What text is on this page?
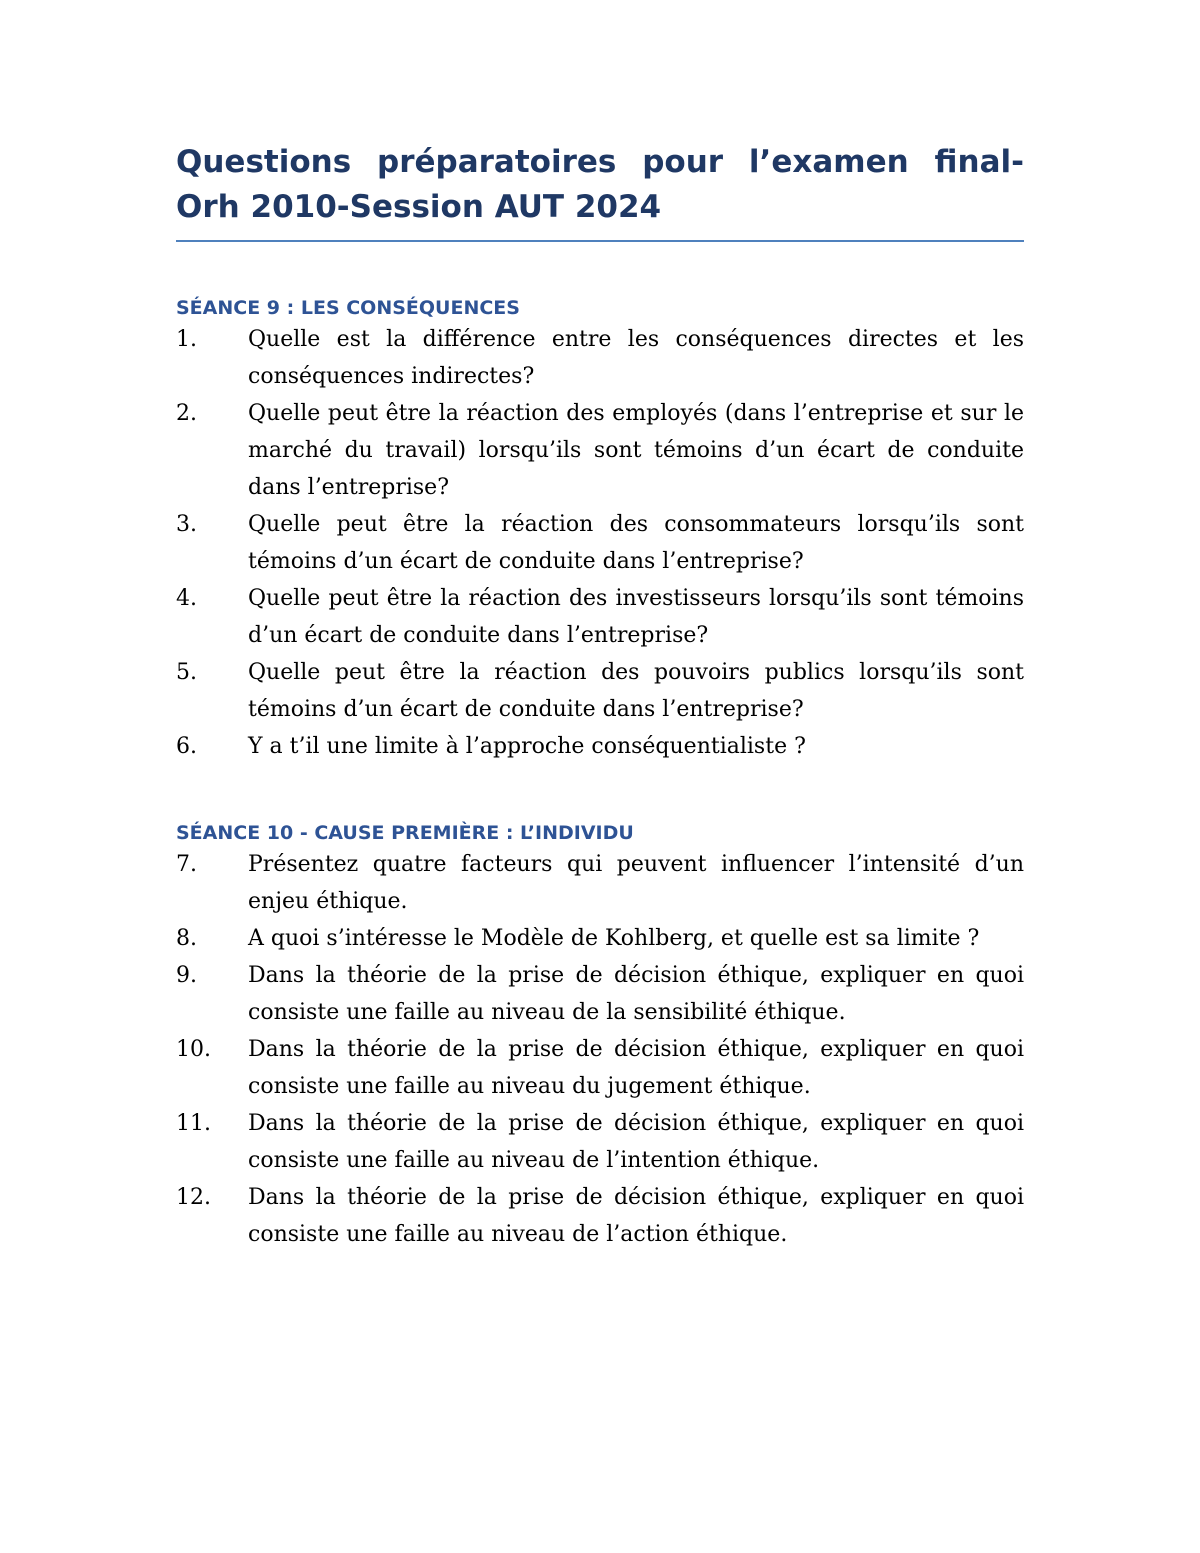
Questions préparatoires pour l’examen final-Orh 2010-Session AUT 2024
SÉANCE 9 : LES CONSÉQUENCES
1.	Quelle est la différence entre les conséquences directes et les conséquences indirectes?
2.	Quelle peut être la réaction des employés (dans l’entreprise et sur le marché du travail) lorsqu’ils sont témoins d’un écart de conduite dans l’entreprise?
3.	Quelle peut être la réaction des consommateurs lorsqu’ils sont témoins d’un écart de conduite dans l’entreprise?
4.	Quelle peut être la réaction des investisseurs lorsqu’ils sont témoins d’un écart de conduite dans l’entreprise?
5.	Quelle peut être la réaction des pouvoirs publics lorsqu’ils sont témoins d’un écart de conduite dans l’entreprise?
6.	Y a t’il une limite à l’approche conséquentialiste ?
SÉANCE 10 - CAUSE PREMIÈRE : L’INDIVIDU
7.	Présentez quatre facteurs qui peuvent influencer l’intensité d’un enjeu éthique.
8.	A quoi s’intéresse le Modèle de Kohlberg, et quelle est sa limite ?
9.	Dans la théorie de la prise de décision éthique, expliquer en quoi consiste une faille au niveau de la sensibilité éthique.
10.	Dans la théorie de la prise de décision éthique, expliquer en quoi consiste une faille au niveau du jugement éthique.
11.	Dans la théorie de la prise de décision éthique, expliquer en quoi consiste une faille au niveau de l’intention éthique.
12.	Dans la théorie de la prise de décision éthique, expliquer en quoi consiste une faille au niveau de l’action éthique.
